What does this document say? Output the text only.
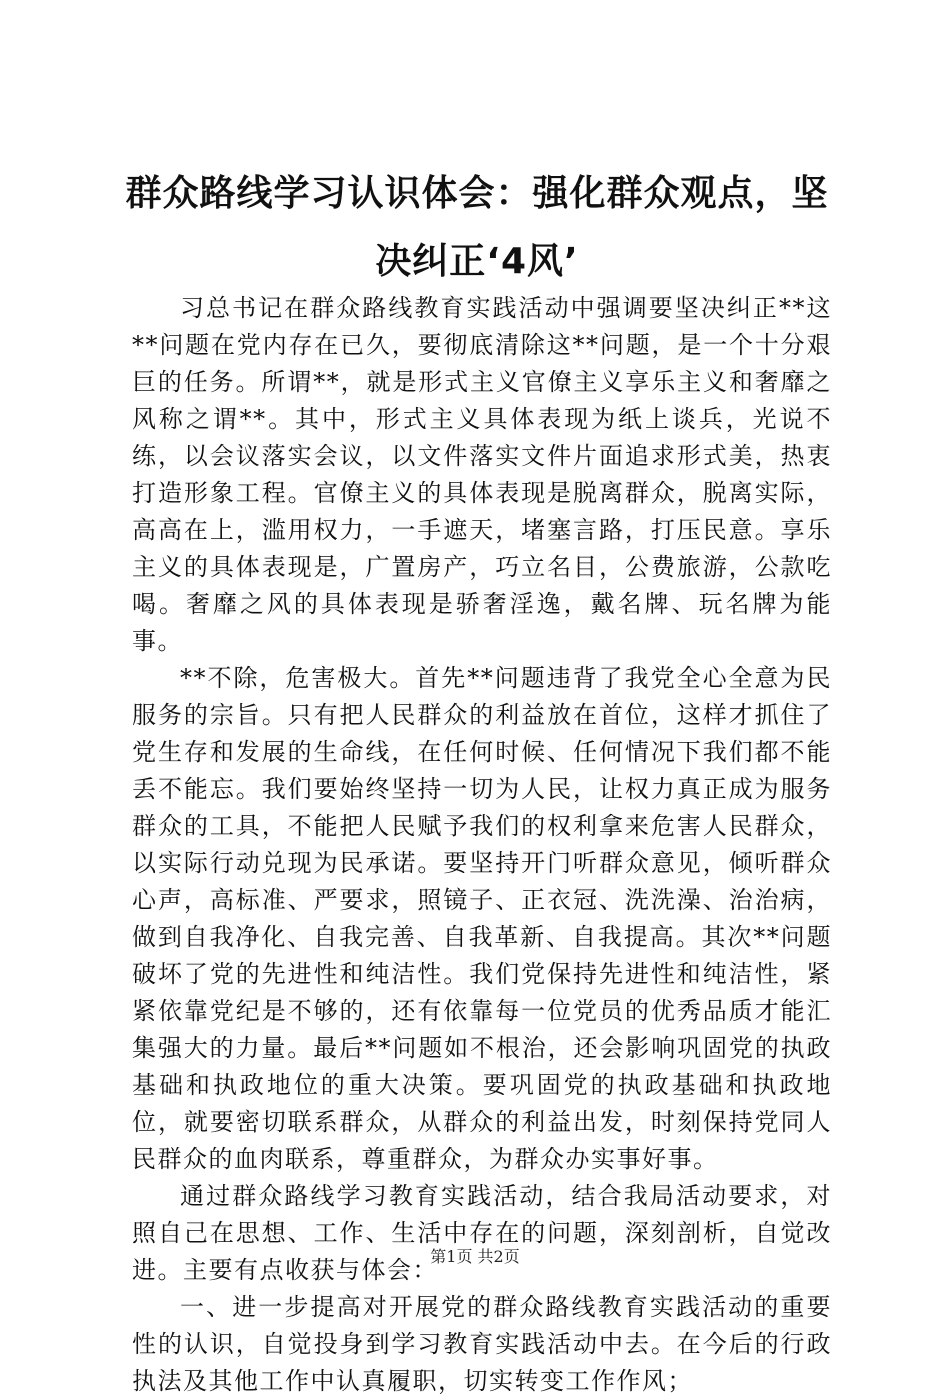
群众路线学习认识体会：强化群众观点，坚决纠正‘4风’

习总书记在群众路线教育实践活动中强调要坚决纠正**这**问题在党内存在已久，要彻底清除这**问题，是一个十分艰巨的任务。所谓**，就是形式主义官僚主义享乐主义和奢靡之风称之谓**。其中，形式主义具体表现为纸上谈兵，光说不练，以会议落实会议，以文件落实文件片面追求形式美，热衷打造形象工程。官僚主义的具体表现是脱离群众，脱离实际，高高在上，滥用权力，一手遮天，堵塞言路，打压民意。享乐主义的具体表现是，广置房产，巧立名目，公费旅游，公款吃喝。奢靡之风的具体表现是骄奢淫逸，戴名牌、玩名牌为能事。

**不除，危害极大。首先**问题违背了我党全心全意为民服务的宗旨。只有把人民群众的利益放在首位，这样才抓住了党生存和发展的生命线，在任何时候、任何情况下我们都不能丢不能忘。我们要始终坚持一切为人民，让权力真正成为服务群众的工具，不能把人民赋予我们的权利拿来危害人民群众，以实际行动兑现为民承诺。要坚持开门听群众意见，倾听群众心声，高标准、严要求，照镜子、正衣冠、洗洗澡、治治病，做到自我净化、自我完善、自我革新、自我提高。其次**问题破坏了党的先进性和纯洁性。我们党保持先进性和纯洁性，紧紧依靠党纪是不够的，还有依靠每一位党员的优秀品质才能汇集强大的力量。最后**问题如不根治，还会影响巩固党的执政基础和执政地位的重大决策。要巩固党的执政基础和执政地位，就要密切联系群众，从群众的利益出发，时刻保持党同人民群众的血肉联系，尊重群众，为群众办实事好事。

通过群众路线学习教育实践活动，结合我局活动要求，对照自己在思想、工作、生活中存在的问题，深刻剖析，自觉改进。主要有点收获与体会：

一、进一步提高对开展党的群众路线教育实践活动的重要性的认识，自觉投身到学习教育实践活动中去。在今后的行政执法及其他工作中认真履职，切实转变工作作风；

第1页 共2页
